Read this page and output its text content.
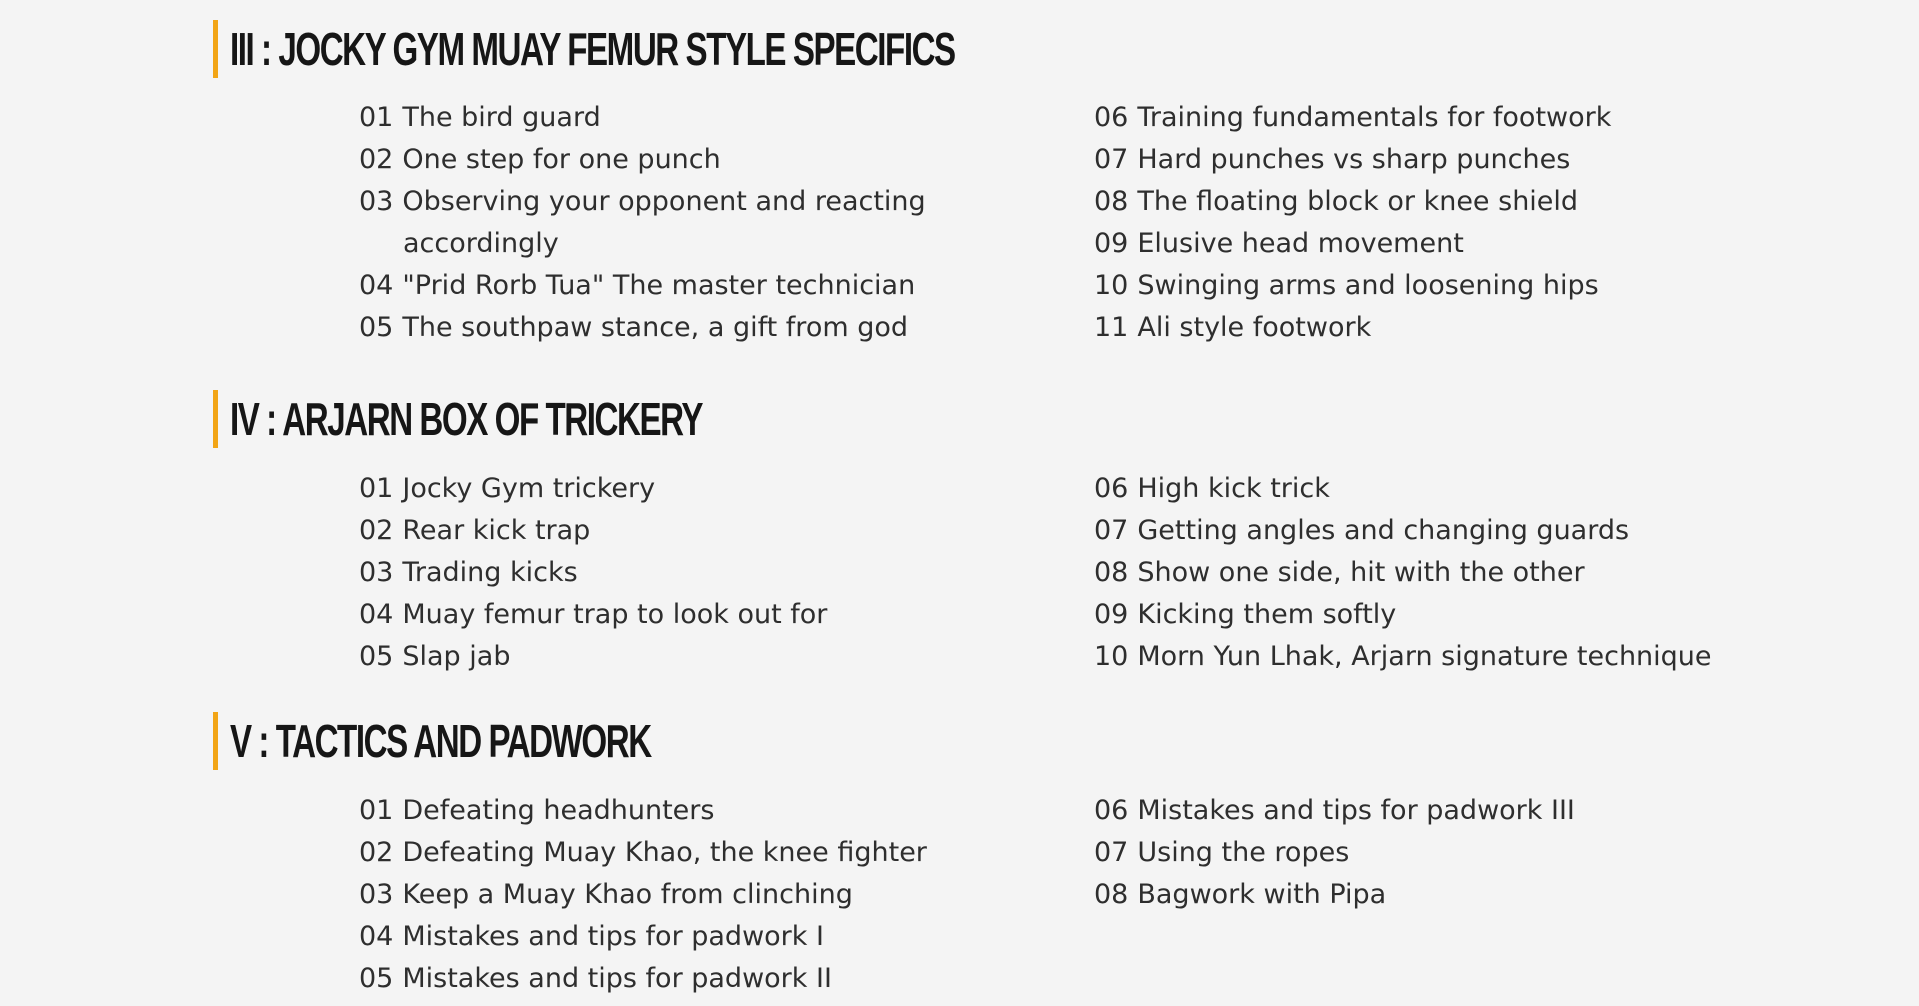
III : JOCKY GYM MUAY FEMUR STYLE SPECIFICS
01 The bird guard
02 One step for one punch
03 Observing your opponent and reacting
accordingly
04 "Prid Rorb Tua" The master technician
05 The southpaw stance, a gift from god
06 Training fundamentals for footwork
07 Hard punches vs sharp punches
08 The floating block or knee shield
09 Elusive head movement
10 Swinging arms and loosening hips
11 Ali style footwork
IV : ARJARN BOX OF TRICKERY
01 Jocky Gym trickery
02 Rear kick trap
03 Trading kicks
04 Muay femur trap to look out for
05 Slap jab
06 High kick trick
07 Getting angles and changing guards
08 Show one side, hit with the other
09 Kicking them softly
10 Morn Yun Lhak, Arjarn signature technique
V : TACTICS AND PADWORK
01 Defeating headhunters
02 Defeating Muay Khao, the knee fighter
03 Keep a Muay Khao from clinching
04 Mistakes and tips for padwork I
05 Mistakes and tips for padwork II
06 Mistakes and tips for padwork III
07 Using the ropes
08 Bagwork with Pipa
